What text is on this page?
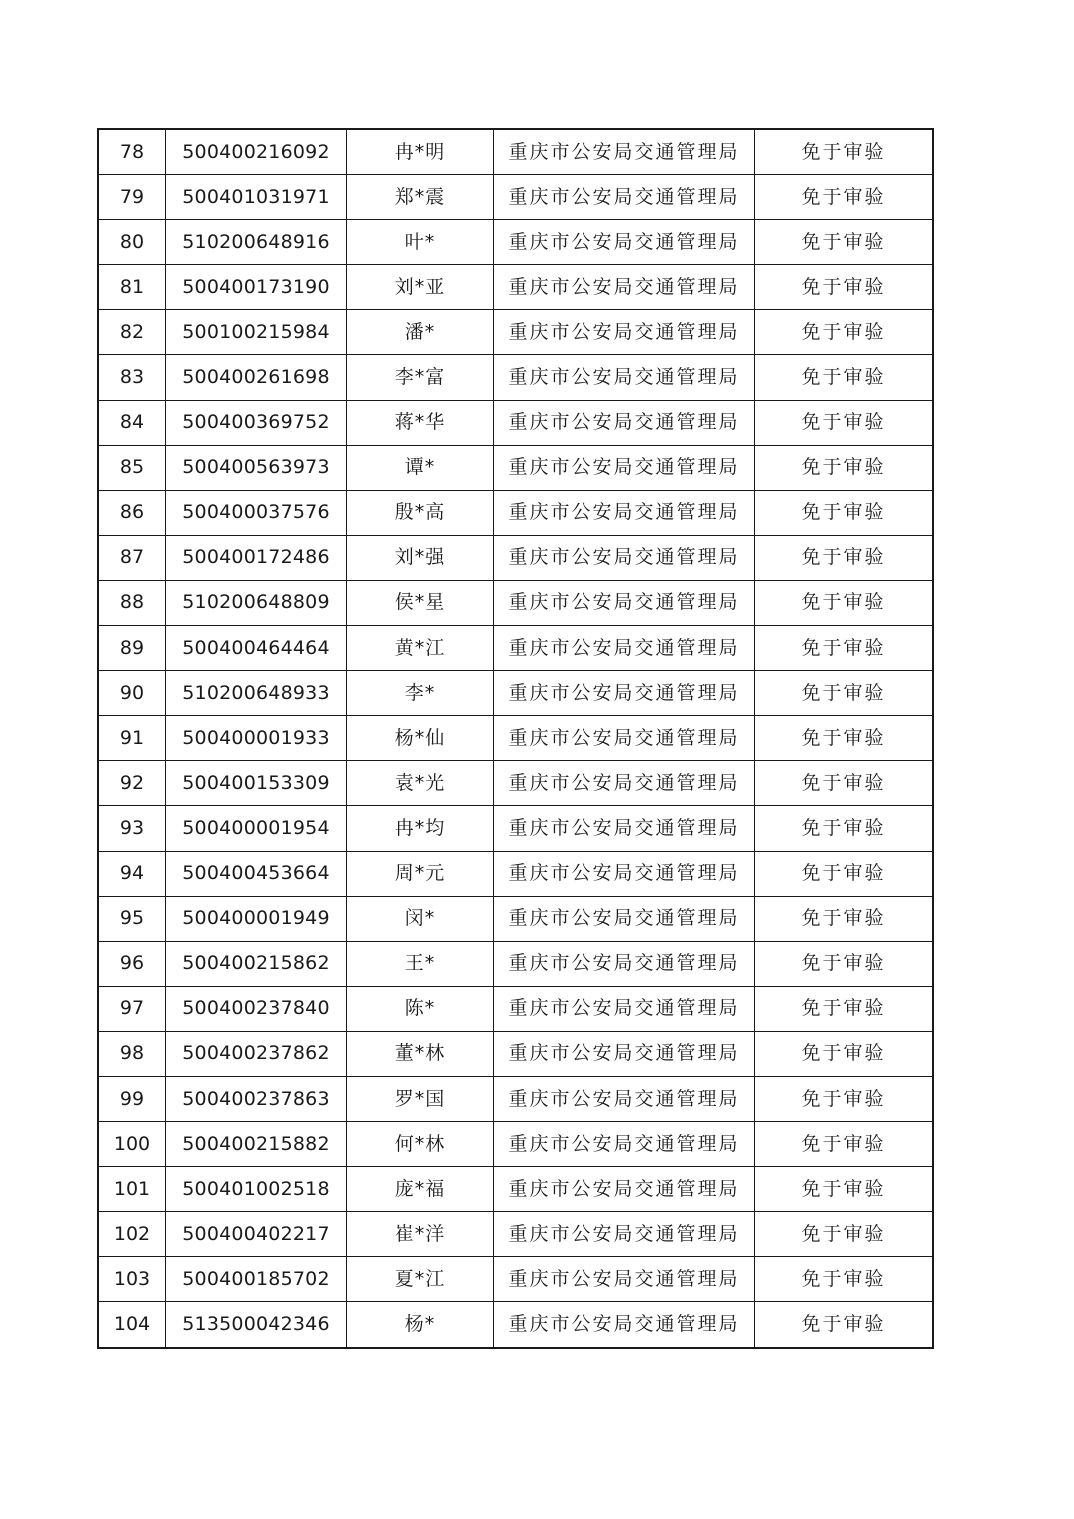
78	500400216092	冉*明	重庆市公安局交通管理局	免于审验
79	500401031971	郑*震	重庆市公安局交通管理局	免于审验
80	510200648916	叶*	重庆市公安局交通管理局	免于审验
81	500400173190	刘*亚	重庆市公安局交通管理局	免于审验
82	500100215984	潘*	重庆市公安局交通管理局	免于审验
83	500400261698	李*富	重庆市公安局交通管理局	免于审验
84	500400369752	蒋*华	重庆市公安局交通管理局	免于审验
85	500400563973	谭*	重庆市公安局交通管理局	免于审验
86	500400037576	殷*高	重庆市公安局交通管理局	免于审验
87	500400172486	刘*强	重庆市公安局交通管理局	免于审验
88	510200648809	侯*星	重庆市公安局交通管理局	免于审验
89	500400464464	黄*江	重庆市公安局交通管理局	免于审验
90	510200648933	李*	重庆市公安局交通管理局	免于审验
91	500400001933	杨*仙	重庆市公安局交通管理局	免于审验
92	500400153309	袁*光	重庆市公安局交通管理局	免于审验
93	500400001954	冉*均	重庆市公安局交通管理局	免于审验
94	500400453664	周*元	重庆市公安局交通管理局	免于审验
95	500400001949	闵*	重庆市公安局交通管理局	免于审验
96	500400215862	王*	重庆市公安局交通管理局	免于审验
97	500400237840	陈*	重庆市公安局交通管理局	免于审验
98	500400237862	董*林	重庆市公安局交通管理局	免于审验
99	500400237863	罗*国	重庆市公安局交通管理局	免于审验
100	500400215882	何*林	重庆市公安局交通管理局	免于审验
101	500401002518	庞*福	重庆市公安局交通管理局	免于审验
102	500400402217	崔*洋	重庆市公安局交通管理局	免于审验
103	500400185702	夏*江	重庆市公安局交通管理局	免于审验
104	513500042346	杨*	重庆市公安局交通管理局	免于审验
